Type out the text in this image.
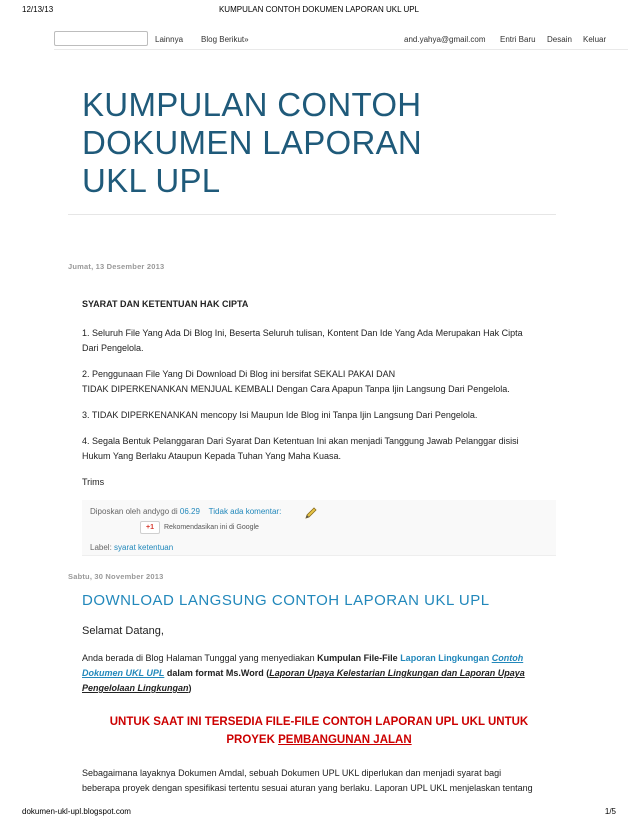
12/13/13	KUMPULAN CONTOH DOKUMEN LAPORAN UKL UPL
Lainnya Blog Berikut»	and.yahya@gmail.com Entri Baru Desain Keluar
KUMPULAN CONTOH
DOKUMEN LAPORAN
UKL UPL
Jumat, 13 Desember 2013
SYARAT DAN KETENTUAN HAK CIPTA
1. Seluruh File Yang Ada Di Blog Ini, Beserta Seluruh tulisan, Kontent Dan Ide Yang Ada Merupakan Hak Cipta
Dari Pengelola.
2. Penggunaan File Yang Di Download Di Blog ini bersifat SEKALI PAKAI DAN
TIDAK DIPERKENANKAN MENJUAL KEMBALI Dengan Cara Apapun Tanpa Ijin Langsung Dari Pengelola.
3. TIDAK DIPERKENANKAN mencopy Isi Maupun Ide Blog ini Tanpa Ijin Langsung Dari Pengelola.
4. Segala Bentuk Pelanggaran Dari Syarat Dan Ketentuan Ini akan menjadi Tanggung Jawab Pelanggar disisi
Hukum Yang Berlaku Ataupun Kepada Tuhan Yang Maha Kuasa.
Trims
Diposkan oleh andygo di 06.29 Tidak ada komentar:
+1	Rekomendasikan ini di Google
Label: syarat ketentuan
Sabtu, 30 November 2013
DOWNLOAD LANGSUNG CONTOH LAPORAN UKL UPL
Selamat Datang,
Anda berada di Blog Halaman Tunggal yang menyediakan Kumpulan File-File Laporan Lingkungan Contoh
Dokumen UKL UPL dalam format Ms.Word (Laporan Upaya Kelestarian Lingkungan dan Laporan Upaya
Pengelolaan Lingkungan)
UNTUK SAAT INI TERSEDIA FILE-FILE CONTOH LAPORAN UPL UKL UNTUK
PROYEK PEMBANGUNAN JALAN
Sebagaimana layaknya Dokumen Amdal, sebuah Dokumen UPL UKL diperlukan dan menjadi syarat bagi
beberapa proyek dengan spesifikasi tertentu sesuai aturan yang berlaku. Laporan UPL UKL menjelaskan tentang
dokumen-ukl-upl.blogspot.com	1/5
